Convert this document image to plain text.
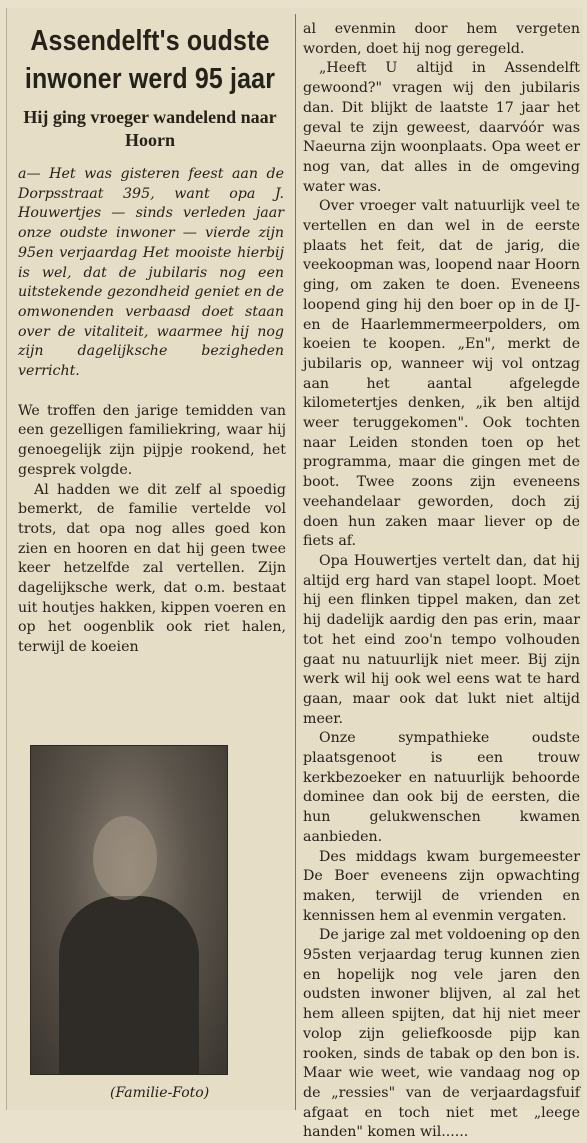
Assendelft's oudste inwoner werd 95 jaar
Hij ging vroeger wandelend naar Hoorn
a— Het was gisteren feest aan de Dorpsstraat 395, want opa J. Houwertjes — sinds verleden jaar onze oudste inwoner — vierde zijn 95en verjaardag Het mooiste hierbij is wel, dat de jubilaris nog een uitstekende gezondheid geniet en de omwonenden verbaasd doet staan over de vitaliteit, waarmee hij nog zijn dagelijksche bezigheden verricht.

We troffen den jarige temidden van een gezelligen familiekring, waar hij genoegelijk zijn pijpje rookend, het gesprek volgde.

Al hadden we dit zelf al spoedig bemerkt, de familie vertelde vol trots, dat opa nog alles goed kon zien en hooren en dat hij geen twee keer hetzelfde zal vertellen. Zijn dagelijksche werk, dat o.m. bestaat uit houtjes hakken, kippen voeren en op het oogenblik ook riet halen, terwijl de koeien

(Familie-Foto)

al evenmin door hem vergeten worden, doet hij nog geregeld.

„Heeft U altijd in Assendelft gewoond?" vragen wij den jubilaris dan. Dit blijkt de laatste 17 jaar het geval te zijn geweest, daarvóór was Naeurna zijn woonplaats. Opa weet er nog van, dat alles in de omgeving water was.

Over vroeger valt natuurlijk veel te vertellen en dan wel in de eerste plaats het feit, dat de jarig, die veekoopman was, loopend naar Hoorn ging, om zaken te doen. Eveneens loopend ging hij den boer op in de IJ- en de Haarlemmermeerpolders, om koeien te koopen. „En", merkt de jubilaris op, wanneer wij vol ontzag aan het aantal afgelegde kilometertjes denken, „ik ben altijd weer teruggekomen". Ook tochten naar Leiden stonden toen op het programma, maar die gingen met de boot. Twee zoons zijn eveneens veehandelaar geworden, doch zij doen hun zaken maar liever op de fiets af.

Opa Houwertjes vertelt dan, dat hij altijd erg hard van stapel loopt. Moet hij een flinken tippel maken, dan zet hij dadelijk aardig den pas erin, maar tot het eind zoo'n tempo volhouden gaat nu natuurlijk niet meer. Bij zijn werk wil hij ook wel eens wat te hard gaan, maar ook dat lukt niet altijd meer.

Onze sympathieke oudste plaatsgenoot is een trouw kerkbezoeker en natuurlijk behoorde dominee dan ook bij de eersten, die hun gelukwenschen kwamen aanbieden.

Des middags kwam burgemeester De Boer eveneens zijn opwachting maken, terwijl de vrienden en kennissen hem al evenmin vergaten.

De jarige zal met voldoening op den 95sten verjaardag terug kunnen zien en hopelijk nog vele jaren den oudsten inwoner blijven, al zal het hem alleen spijten, dat hij niet meer volop zijn geliefkoosde pijp kan rooken, sinds de tabak op den bon is. Maar wie weet, wie vandaag nog op de „ressies" van de verjaardagsfuif afgaat en toch niet met „leege handen" komen wil......
